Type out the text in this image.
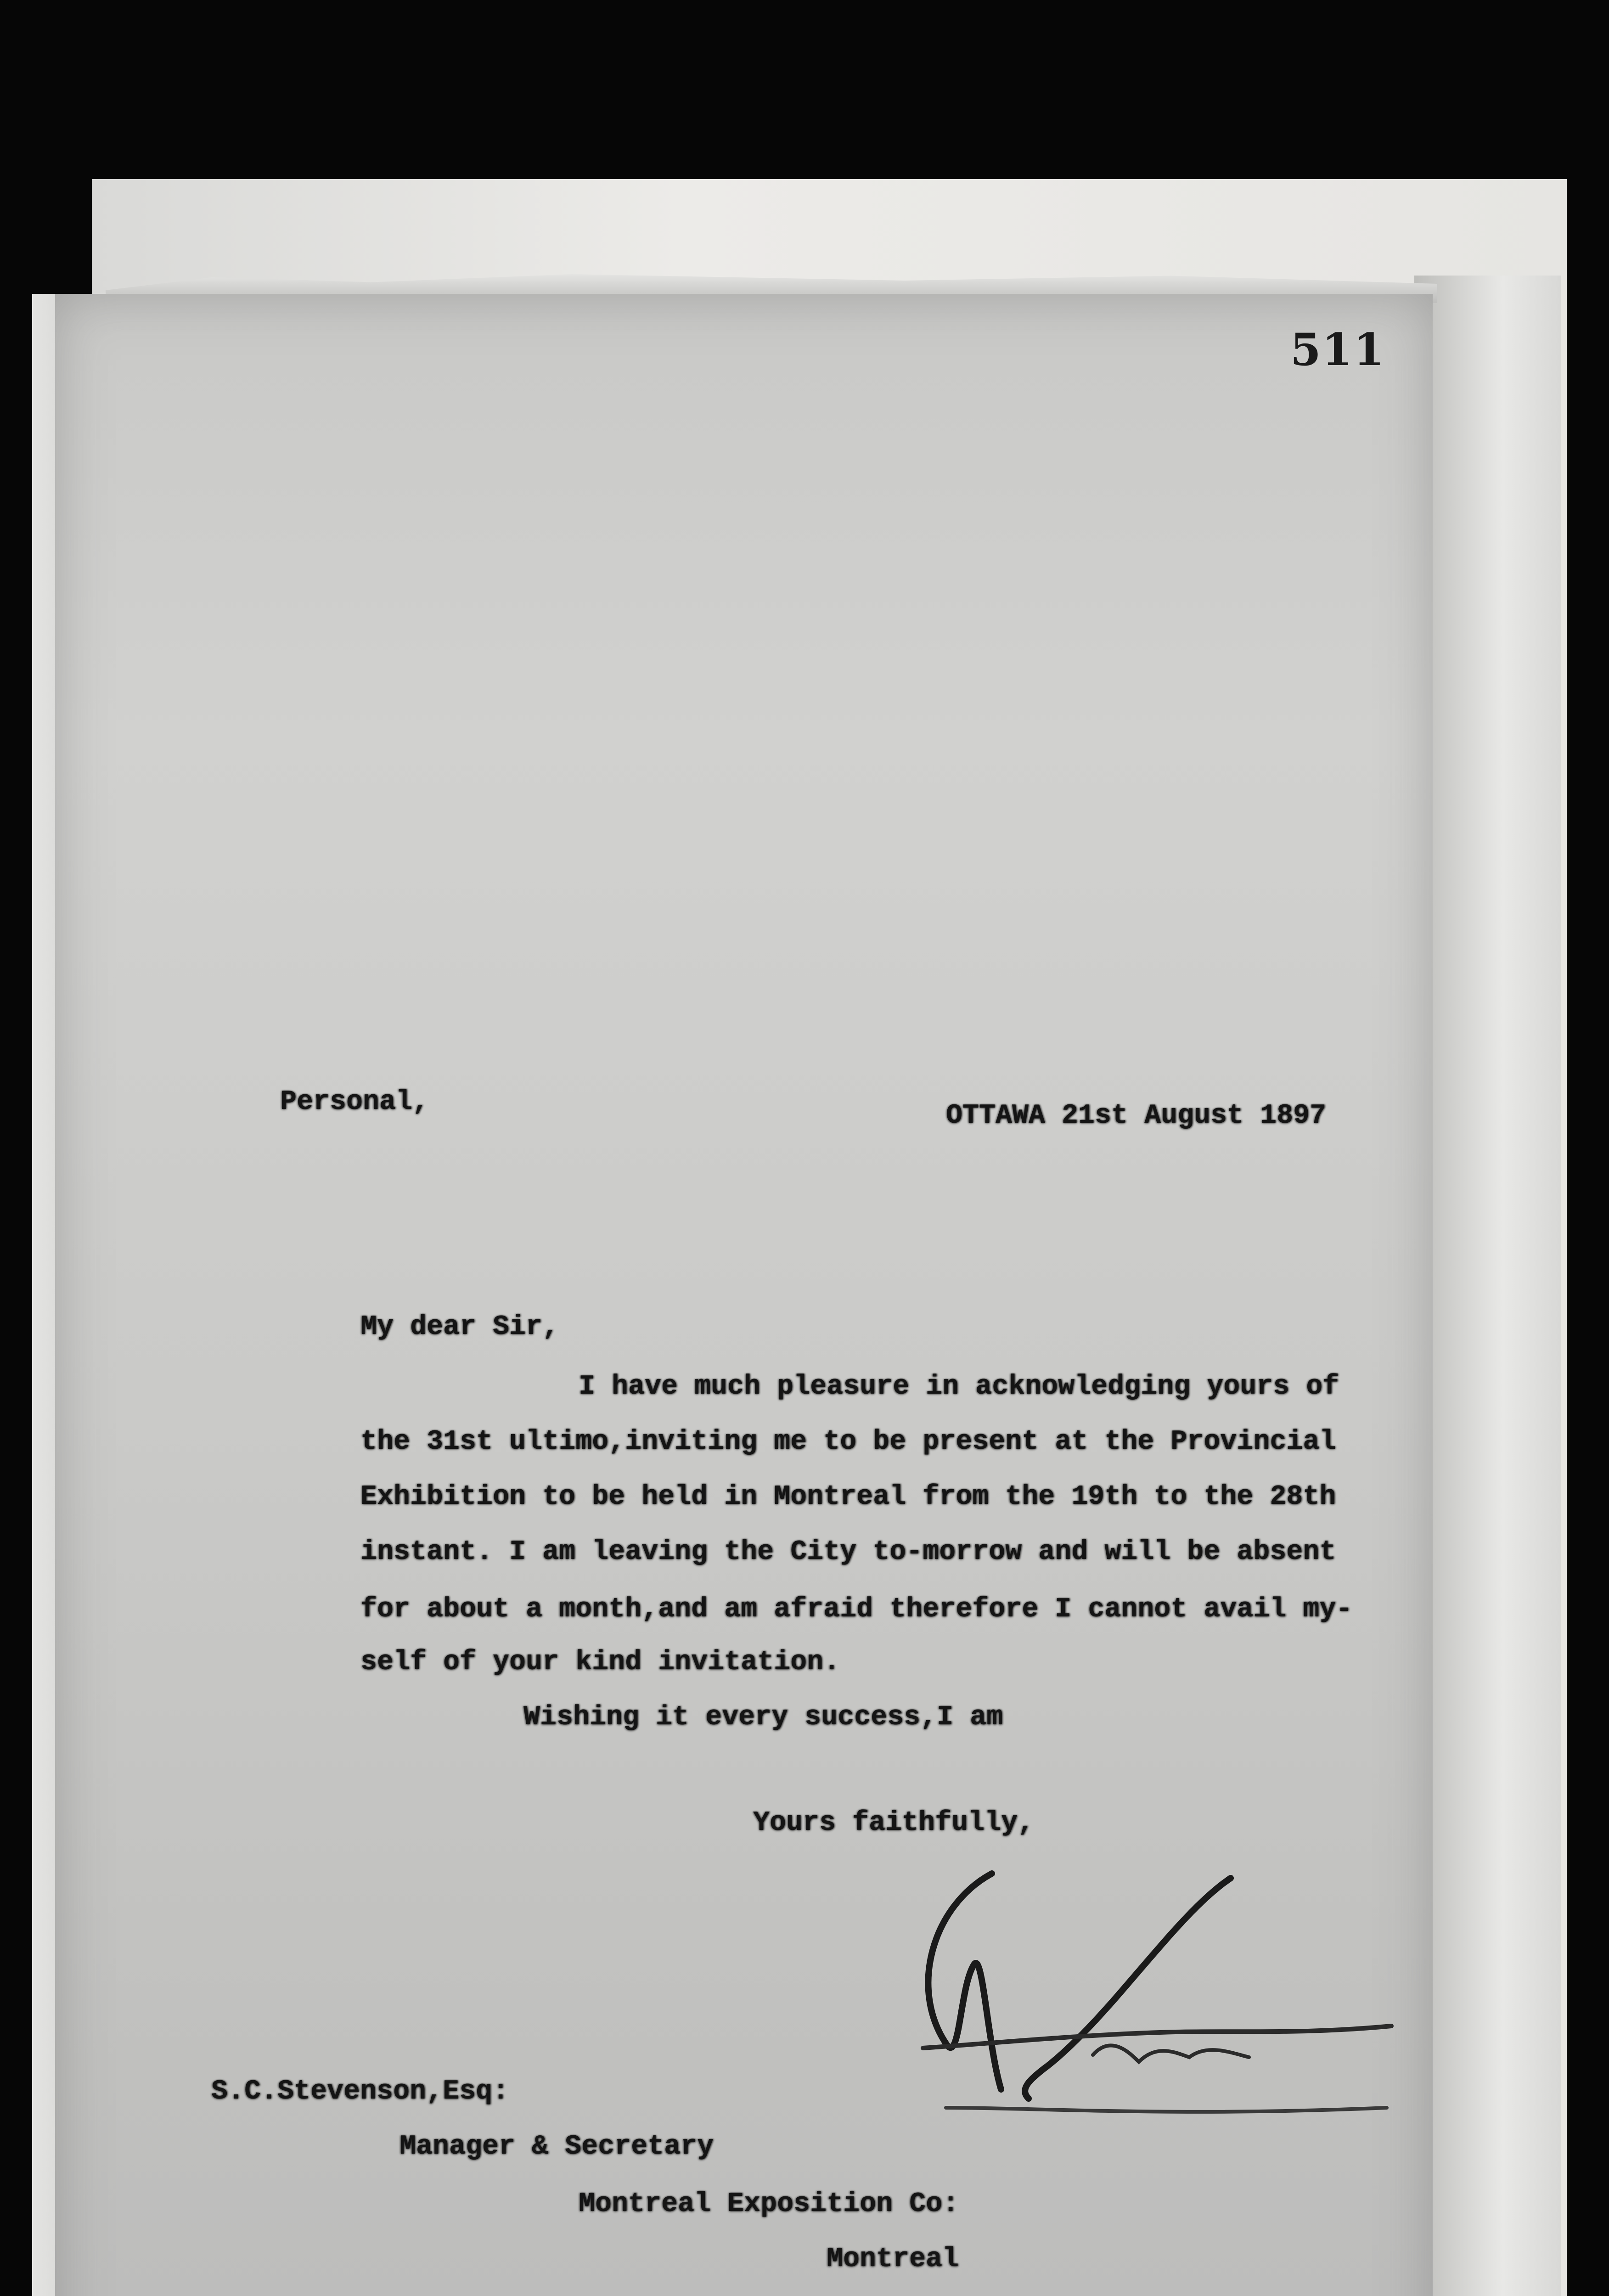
511
Personal,	OTTAWA 21st August 1897
My dear Sir,
I have much pleasure in acknowledging yours of
the 31st ultimo,inviting me to be present at the Provincial
Exhibition to be held in Montreal from the 19th to the 28th
instant. I am leaving the City to-morrow and will be absent
for about a month,and am afraid therefore I cannot avail my-
self of your kind invitation.
Wishing it every success,I am
Yours faithfully,
S.C.Stevenson,Esq:
Manager & Secretary
Montreal Exposition Co:
Montreal
